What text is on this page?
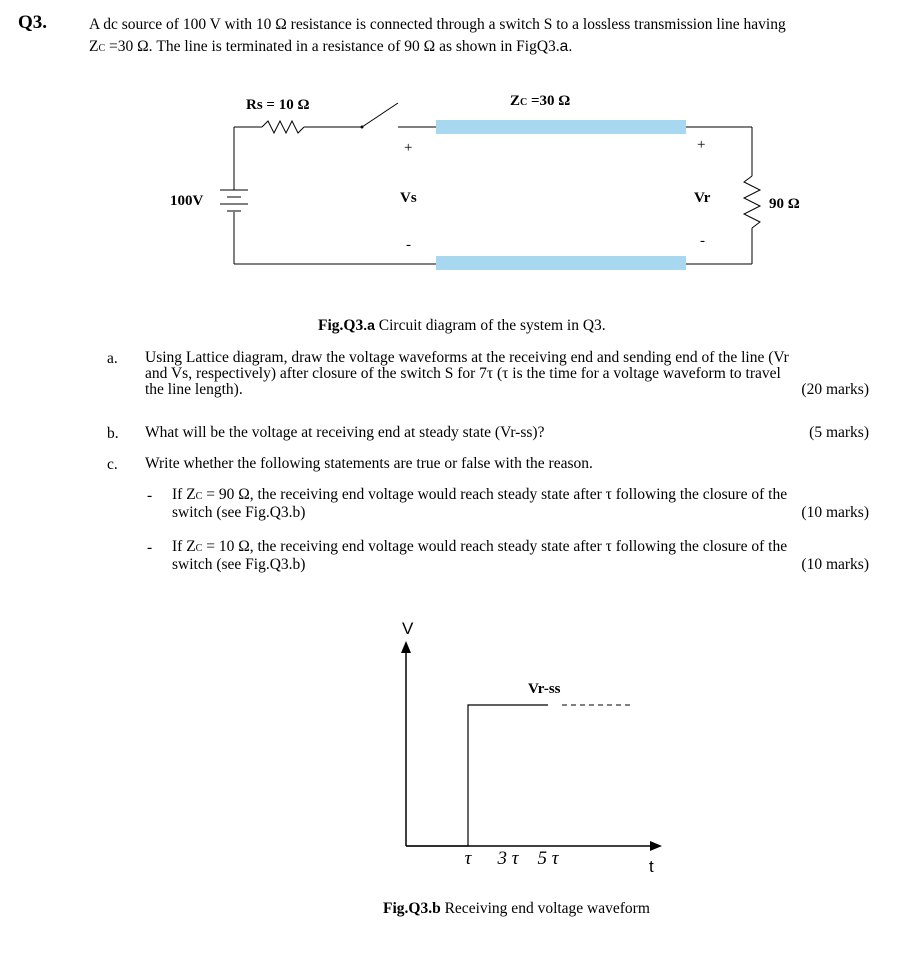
Q3.	A dc source of 100 V with 10 Ω resistance is connected through a switch S to a lossless transmission line having
ZC =30 Ω. The line is terminated in a resistance of 90 Ω as shown in FigQ3.a.
Rs = 10 Ω	ZC =30 Ω
100V
+
Vs
-
+
Vr
-
90 Ω
V
t
Vr-ss
τ 3 τ 5 τ
Fig.Q3.a Circuit diagram of the system in Q3.
a. Using Lattice diagram, draw the voltage waveforms at the receiving end and sending end of the line (Vr
and Vs, respectively) after closure of the switch S for 7τ (τ is the time for a voltage waveform to travel
the line length).	(20 marks)
b. What will be the voltage at receiving end at steady state (Vr-ss)?	(5 marks)
c. Write whether the following statements are true or false with the reason.
- If ZC = 90 Ω, the receiving end voltage would reach steady state after τ following the closure of the
switch (see Fig.Q3.b)	(10 marks)
- If ZC = 10 Ω, the receiving end voltage would reach steady state after τ following the closure of the
switch (see Fig.Q3.b)	(10 marks)
Fig.Q3.b Receiving end voltage waveform
